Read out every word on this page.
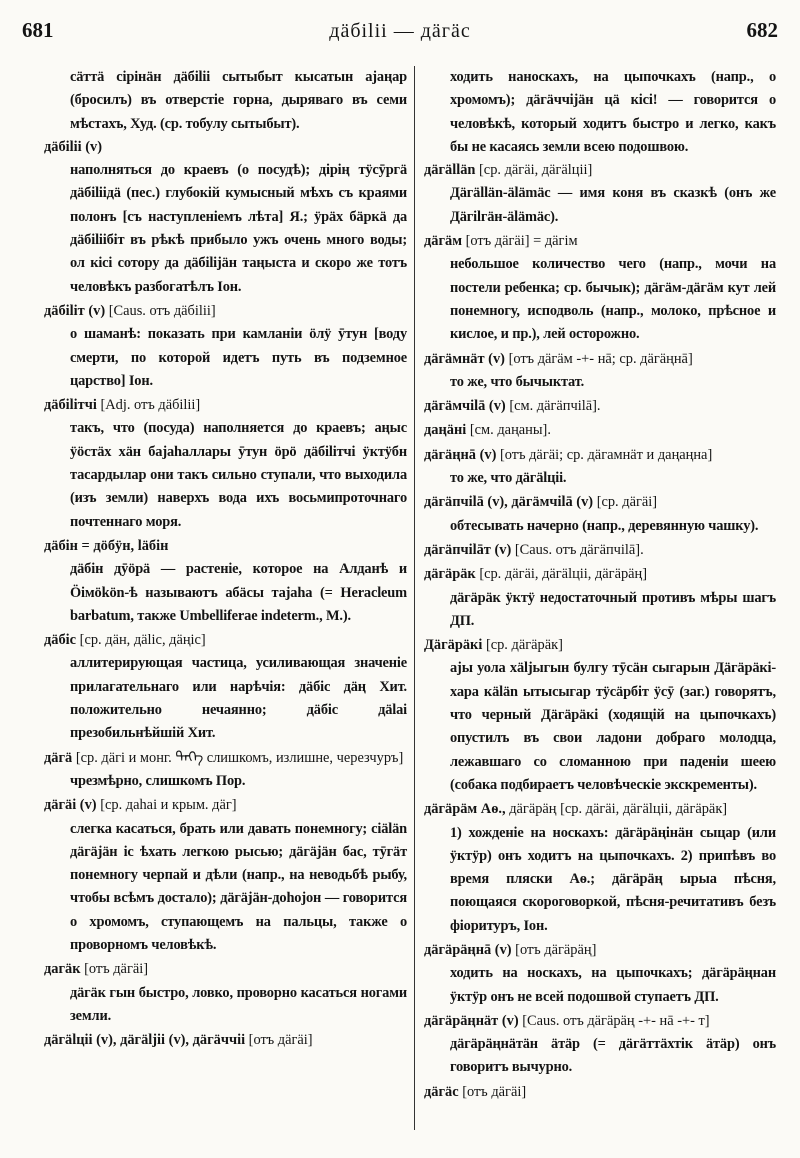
681	дäбiliі — дäгäс	682
сäттä сiрінäн дäбiliі сытыбыт кысатын аjаңар (бросилъ) въ отверстiе горна, дыряваго въ семи мѣстахъ, Худ. (ср. тобулу сытыбыт).
дäбiliі (v)
наполняться до краевъ (о посудѣ); дiрiң тӱсӯргä дäбiliiдä (пес.) глубокiй кумысный мѣхъ съ краями полонъ [съ наступленiемъ лѣта] Я.; ӱрäх бäркä да дäбiliiбiт въ рѣкѣ прибыло ужъ очень много воды; ол кiсi сотору да дäбiliјäн таңыста и скоро же тотъ человѣкъ разбогатѣлъ Іон.
дäбiliт (v) [Caus. отъ дäбiliі]
о шаманѣ: показать при камланiи öлӱ ӯтун [воду смерти, по которой идетъ путь въ подземное царство] Іон.
дäбiliтчі [Adj. отъ дäбiliі]
такъ, что (посуда) наполняется до краевъ; аңыс ӱöстäх хäн баjаһаллары ӯтун öрö дäбiliтчi ӱктӱбн тасардылар они такъ сильно ступали, что выходила (изъ земли) наверхъ вода ихъ восьмипроточнаго почтеннаго моря.
дäбiн = дöбӱн, läбiн
дäбiн дӯöрä — растенiе, которое на Алданѣ и Öiмökön-ѣ называютъ абäсы таjаһа (= Heracleum barbatum, также Umbelliferae indeterm., М.).
дäбiс [ср. дäн, дälic, дäңiс]
аллитерирующая частица, усиливающая значенiе прилагательнаго или нарѣчiя: дäбiс дäң Хит. положительно нечаянно; дäбiс дälai презобильнѣйшiй Хит.
дäгä [ср. дäгi и монг. ᠳᠡᠭᠡ слишкомъ, излишне, черезчуръ]
чрезмѣрно, слишкомъ Пор.
дäгäi (v) [ср. даһаі и крым. дäг]
слегка касаться, брать или давать понемногу; сiälän дäгäjäн iс ѣхать легкою рысью; дäгäjäн бас, тӯгäт понемногу черпай и дѣли (напр., на неводьбѣ рыбу, чтобы всѣмъ достало); дäгäjäн-доһоjон — говорится о хромомъ, ступающемъ на пальцы, также о проворномъ человѣкѣ.
дагäк [отъ дäгäi]
дäгäк гын быстро, ловко, проворно касаться ногами земли.
дäгälцiі (v), дäгäljiі (v), дäгäччiі [отъ дäгäi]
ходить наноскахъ, на цыпочкахъ (напр., о хромомъ); дäгäччiјäн цä кiсi! — говорится о человѣкѣ, который ходитъ быстро и легко, какъ бы не касаясь земли всею подошвою.
дäгällän [ср. дäгäi, дäгälцiі]
Дäгällän-älämäс — имя коня въ сказкѣ (онъ же Дäгilгäн-älämäс).
дäгäм [отъ дäгäi] = дäгiм
небольшое количество чего (напр., мочи на постели ребенка; ср. бычык); дäгäм-дäгäм кут лей понемногу, исподволь (напр., молоко, прѣсное и кислое, и пр.), лей осторожно.
дäгäмнäт (v) [отъ дäгäм -+- нā; ср. дäгäңнā]
то же, что бычыктат.
дäгäмчilā (v) [см. дäгäпчilā].
даңäні [см. даңаны].
дäгäңнā (v) [отъ дäгäi; ср. дäгамнäт и даңаңна]
то же, что дäгälцiі.
дäгäпчilā (v), дäгäмчilā (v) [ср. дäгäi]
обтесывать начерно (напр., деревянную чашку).
дäгäпчilāт (v) [Caus. отъ дäгäпчilā].
дäгäрäк [ср. дäгäi, дäгälцiі, дäгäрäң]
дäгäрäк ӱктӱ недостаточный противъ мѣры шагъ ДП.
Дäгäрäкi [ср. дäгäрäк]
аjы уола хälјыгын булгу тӯсäн сыгарын Дäгäрäкi-хара кälän ытысыгар тӱсäрбiт ӱсӯ (заг.) говорятъ, что черный Дäгäрäкi (ходящiй на цыпочкахъ) опустилъ въ свои ладони добраго молодца, лежавшаго со сломанною при паденiи шеею (собака подбираетъ человѣческiе экскременты).
дäгäрäм Аѳ., дäгäрäң [ср. дäгäi, дäгälцiі, дäгäрäк]
1) хожденiе на носкахъ: дäгäрäңiнäн сыцар (или ӱктӱр) онъ ходитъ на цыпочкахъ. 2) припѣвъ во время пляски Аѳ.; дäгäрäң ырыа пѣсня, поющаяся скороговоркой, пѣсня-речитативъ безъ фiоритуръ, Іон.
дäгäрäңнā (v) [отъ дäгäрäң]
ходить на носкахъ, на цыпочкахъ; дäгäрäңнан ӱктӱр онъ не всей подошвой ступаетъ ДП.
дäгäрäңнäт (v) [Caus. отъ дäгäрäң -+- нā -+- т]
дäгäрäңнäтäн äтäр (= дäгäттäхтiк äтäр) онъ говоритъ вычурно.
дäгäс [отъ дäгäi]
